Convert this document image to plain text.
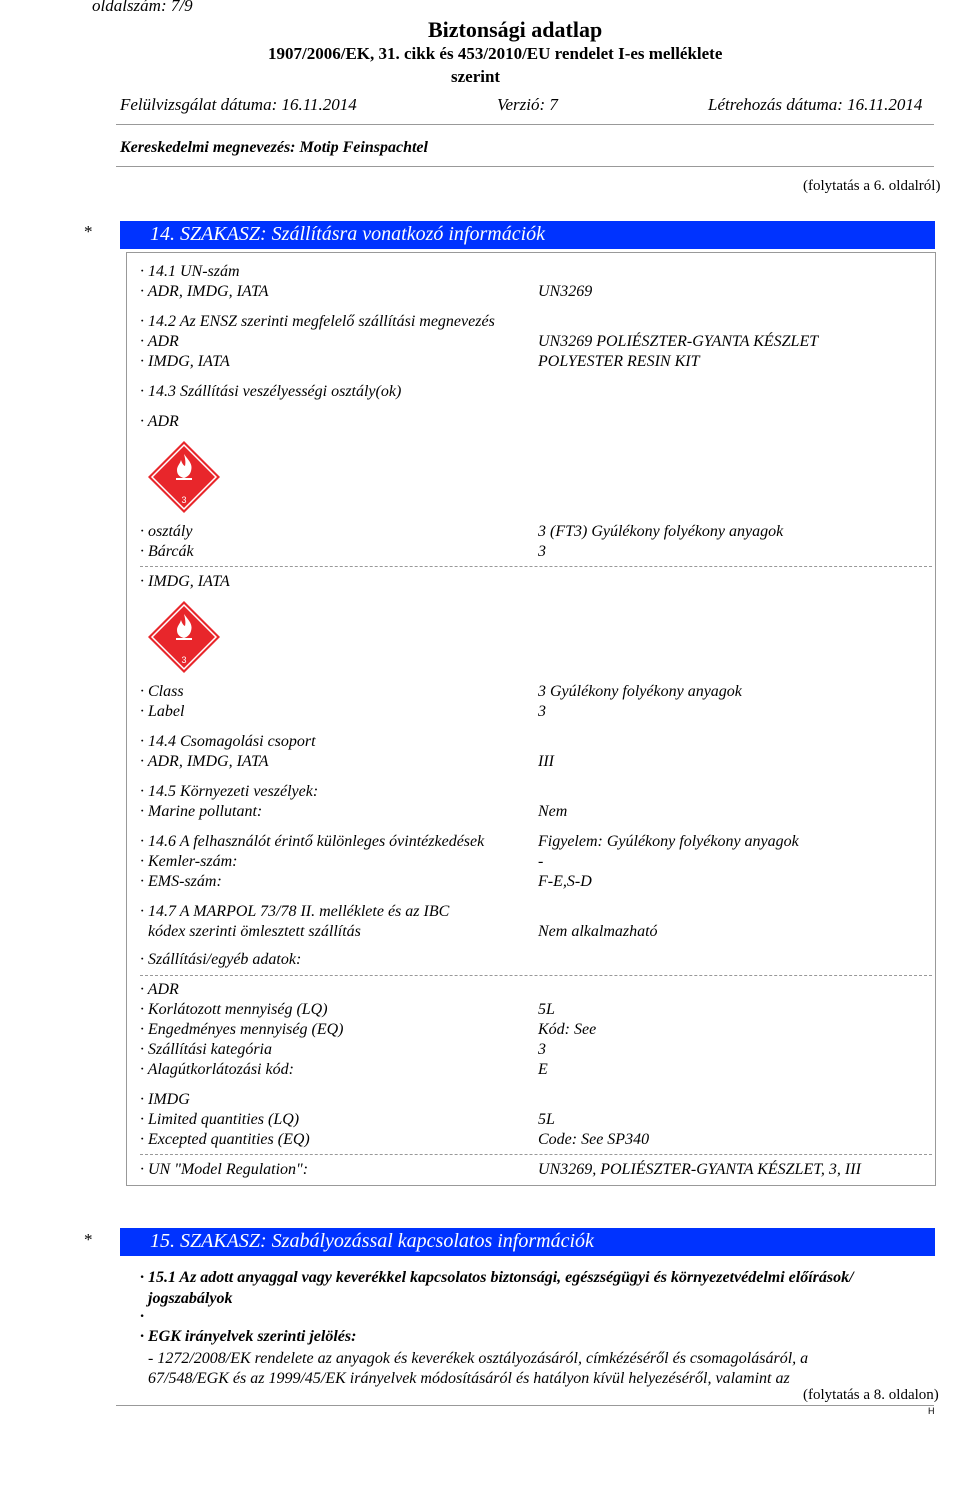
oldalszám: 7/9
Biztonsági adatlap
1907/2006/EK, 31. cikk és 453/2010/EU rendelet I-es melléklete
szerint
Felülvizsgálat dátuma: 16.11.2014	Verzió: 7	Létrehozás dátuma: 16.11.2014
Kereskedelmi megnevezés: Motip Feinspachtel
(folytatás a 6. oldalról)
*	14. SZAKASZ: Szállításra vonatkozó információk
· 14.1 UN-szám
· ADR, IMDG, IATA	UN3269
· 14.2 Az ENSZ szerinti megfelelő szállítási megnevezés
· ADR	UN3269 POLIÉSZTER-GYANTA KÉSZLET
· IMDG, IATA	POLYESTER RESIN KIT
· 14.3 Szállítási veszélyességi osztály(ok)
· ADR
3
· osztály	3 (FT3) Gyúlékony folyékony anyagok
· Bárcák	3
· IMDG, IATA
3
· Class	3 Gyúlékony folyékony anyagok
· Label	3
· 14.4 Csomagolási csoport
· ADR, IMDG, IATA	III
· 14.5 Környezeti veszélyek:
· Marine pollutant:	Nem
· 14.6 A felhasználót érintő különleges óvintézkedések	Figyelem: Gyúlékony folyékony anyagok
· Kemler-szám:	-
· EMS-szám:	F-E,S-D
· 14.7 A MARPOL 73/78 II. melléklete és az IBC
kódex szerinti ömlesztett szállítás	Nem alkalmazható
· Szállítási/egyéb adatok:
· ADR
· Korlátozott mennyiség (LQ)	5L
· Engedményes mennyiség (EQ)	Kód: See
· Szállítási kategória	3
· Alagútkorlátozási kód:	E
· IMDG
· Limited quantities (LQ)	5L
· Excepted quantities (EQ)	Code: See SP340
· UN "Model Regulation":	UN3269, POLIÉSZTER-GYANTA KÉSZLET, 3, III
*	15. SZAKASZ: Szabályozással kapcsolatos információk
· 15.1 Az adott anyaggal vagy keverékkel kapcsolatos biztonsági, egészségügyi és környezetvédelmi előírások/
jogszabályok
·
· EGK irányelvek szerinti jelölés:
- 1272/2008/EK rendelete az anyagok és keverékek osztályozásáról, címkézéséről és csomagolásáról, a
67/548/EGK és az 1999/45/EK irányelvek módosításáról és hatályon kívül helyezéséről, valamint az
(folytatás a 8. oldalon)
H
